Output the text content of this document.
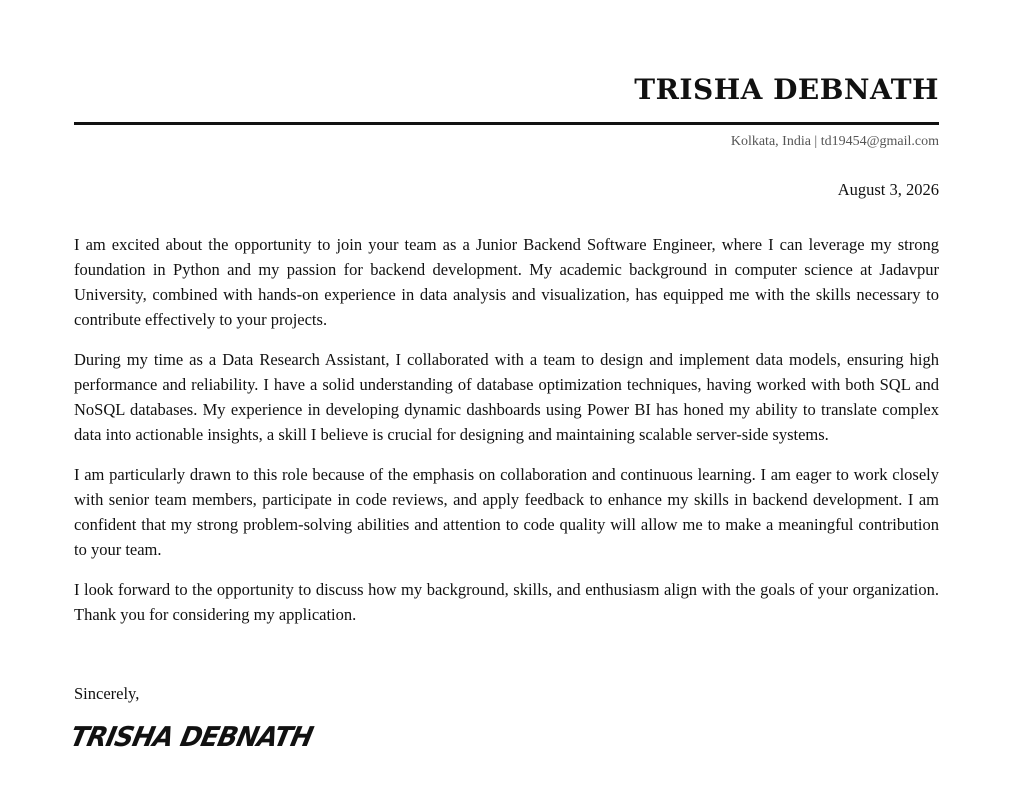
TRISHA DEBNATH
Kolkata, India | td19454@gmail.com
August 3, 2026

I am excited about the opportunity to join your team as a Junior Backend Software Engineer, where I can leverage my strong foundation in Python and my passion for backend development. My academic background in computer science at Jadavpur University, combined with hands-on experience in data analysis and visualization, has equipped me with the skills necessary to contribute effectively to your projects.

During my time as a Data Research Assistant, I collaborated with a team to design and implement data models, ensuring high performance and reliability. I have a solid understanding of database optimization techniques, having worked with both SQL and NoSQL databases. My experience in developing dynamic dashboards using Power BI has honed my ability to translate complex data into actionable insights, a skill I believe is crucial for designing and maintaining scalable server-side systems.

I am particularly drawn to this role because of the emphasis on collaboration and continuous learning. I am eager to work closely with senior team members, participate in code reviews, and apply feedback to enhance my skills in backend development. I am confident that my strong problem-solving abilities and attention to code quality will allow me to make a meaningful contribution to your team.

I look forward to the opportunity to discuss how my background, skills, and enthusiasm align with the goals of your organization. Thank you for considering my application.

Sincerely,
TRISHA DEBNATH
